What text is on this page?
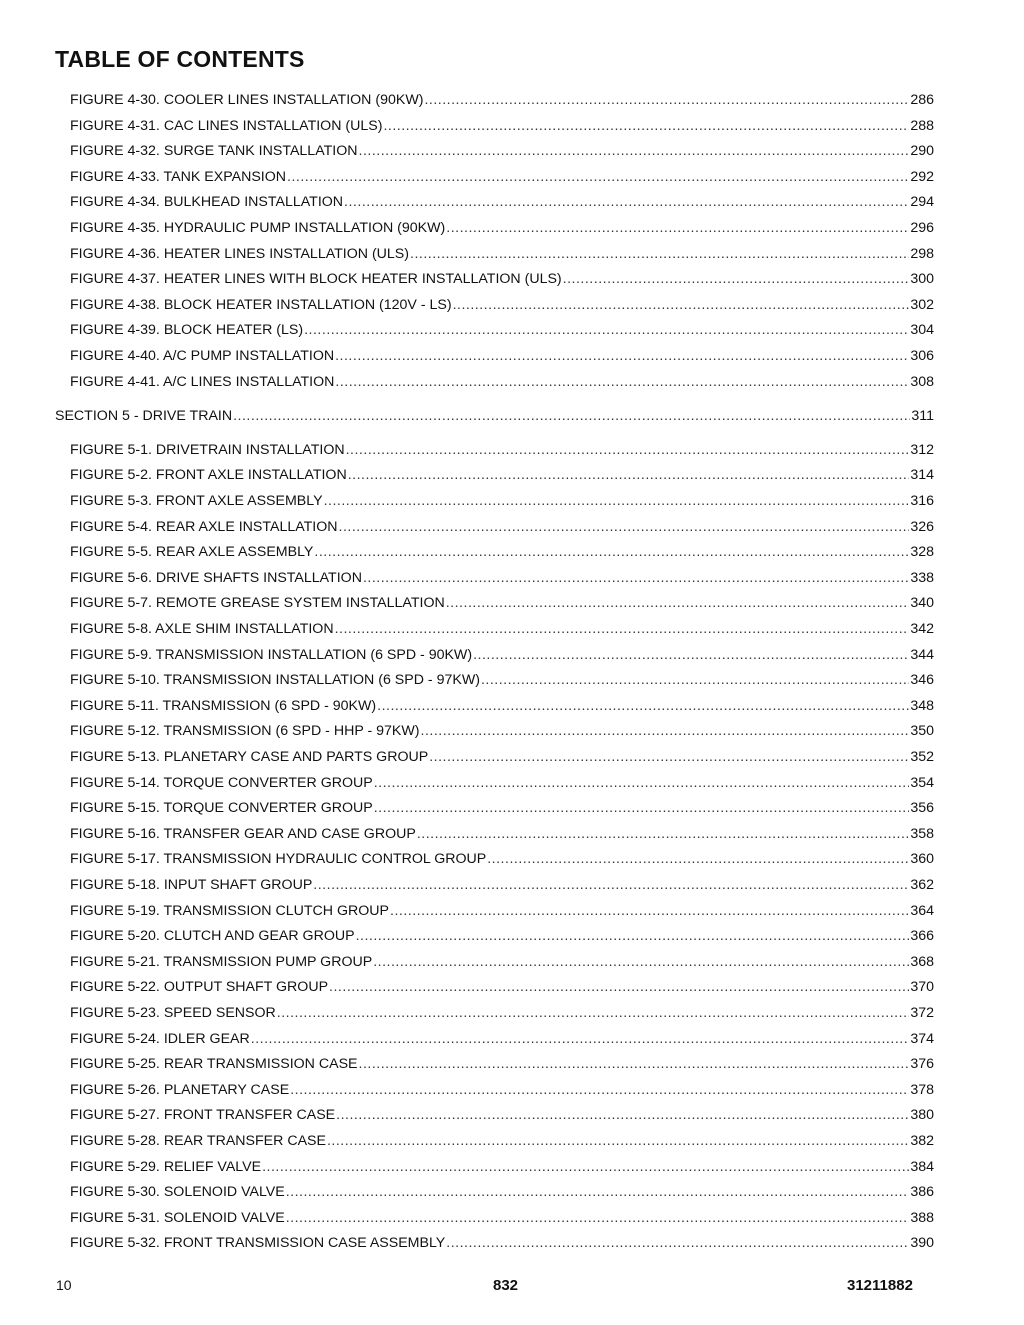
TABLE OF CONTENTS
FIGURE 4-30. COOLER LINES INSTALLATION (90KW) .....	286
FIGURE 4-31. CAC LINES INSTALLATION (ULS) .....	288
FIGURE 4-32. SURGE TANK INSTALLATION .....	290
FIGURE 4-33. TANK EXPANSION .....	292
FIGURE 4-34. BULKHEAD INSTALLATION .....	294
FIGURE 4-35. HYDRAULIC PUMP INSTALLATION (90KW) .....	296
FIGURE 4-36. HEATER LINES INSTALLATION (ULS) .....	298
FIGURE 4-37. HEATER LINES WITH BLOCK HEATER INSTALLATION (ULS) .....	300
FIGURE 4-38. BLOCK HEATER INSTALLATION (120V - LS) .....	302
FIGURE 4-39. BLOCK HEATER (LS) .....	304
FIGURE 4-40. A/C PUMP INSTALLATION .....	306
FIGURE 4-41. A/C LINES INSTALLATION .....	308
SECTION 5 - DRIVE TRAIN .....	311
FIGURE 5-1. DRIVETRAIN INSTALLATION .....	312
FIGURE 5-2. FRONT AXLE INSTALLATION .....	314
FIGURE 5-3. FRONT AXLE ASSEMBLY .....	316
FIGURE 5-4. REAR AXLE INSTALLATION .....	326
FIGURE 5-5. REAR AXLE ASSEMBLY .....	328
FIGURE 5-6. DRIVE SHAFTS INSTALLATION .....	338
FIGURE 5-7. REMOTE GREASE SYSTEM INSTALLATION .....	340
FIGURE 5-8. AXLE SHIM INSTALLATION .....	342
FIGURE 5-9. TRANSMISSION INSTALLATION (6 SPD - 90KW) .....	344
FIGURE 5-10. TRANSMISSION INSTALLATION (6 SPD - 97KW) .....	346
FIGURE 5-11. TRANSMISSION (6 SPD - 90KW) .....	348
FIGURE 5-12. TRANSMISSION (6 SPD - HHP - 97KW) .....	350
FIGURE 5-13. PLANETARY CASE AND PARTS GROUP .....	352
FIGURE 5-14. TORQUE CONVERTER GROUP .....	354
FIGURE 5-15. TORQUE CONVERTER GROUP .....	356
FIGURE 5-16. TRANSFER GEAR AND CASE GROUP .....	358
FIGURE 5-17. TRANSMISSION HYDRAULIC CONTROL GROUP .....	360
FIGURE 5-18. INPUT SHAFT GROUP .....	362
FIGURE 5-19. TRANSMISSION CLUTCH GROUP .....	364
FIGURE 5-20. CLUTCH AND GEAR GROUP .....	366
FIGURE 5-21. TRANSMISSION PUMP GROUP .....	368
FIGURE 5-22. OUTPUT SHAFT GROUP .....	370
FIGURE 5-23. SPEED SENSOR .....	372
FIGURE 5-24. IDLER GEAR .....	374
FIGURE 5-25. REAR TRANSMISSION CASE .....	376
FIGURE 5-26. PLANETARY CASE .....	378
FIGURE 5-27. FRONT TRANSFER CASE .....	380
FIGURE 5-28. REAR TRANSFER CASE .....	382
FIGURE 5-29. RELIEF VALVE .....	384
FIGURE 5-30. SOLENOID VALVE .....	386
FIGURE 5-31. SOLENOID VALVE .....	388
FIGURE 5-32. FRONT TRANSMISSION CASE ASSEMBLY .....	390
10	832	31211882
